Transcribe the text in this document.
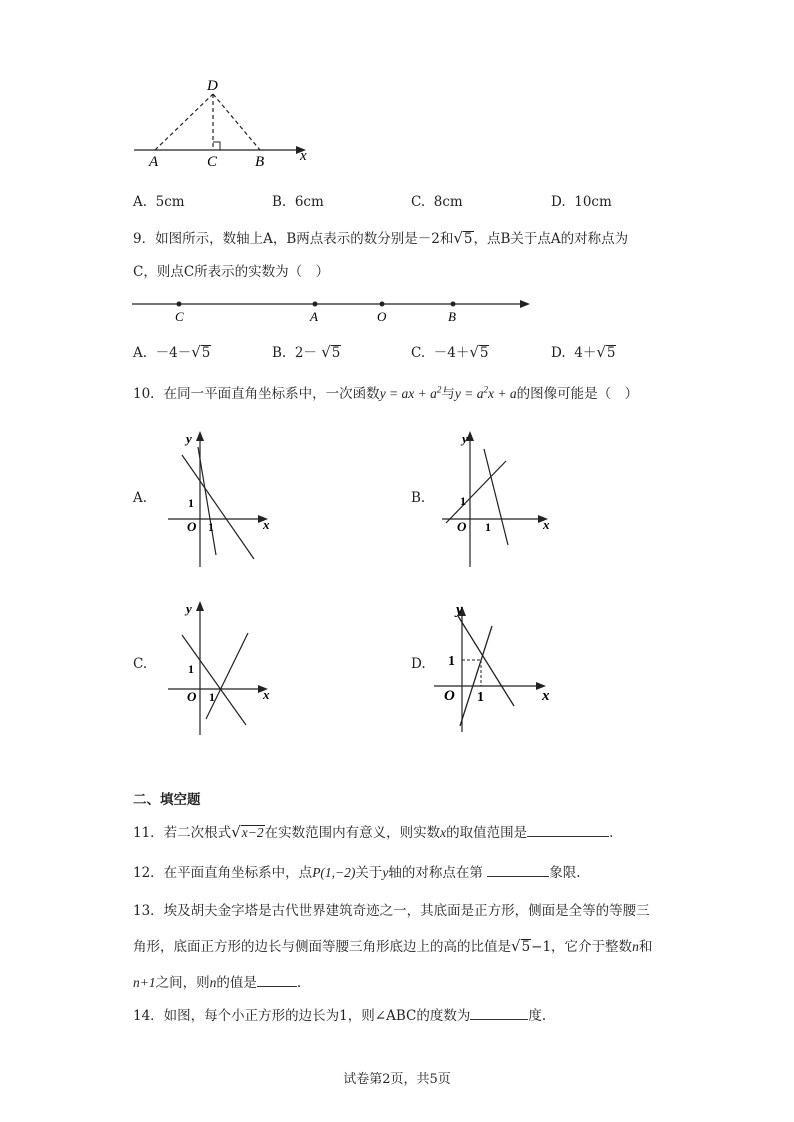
D
A	C	B x
A. 5cm	B. 6cm	C. 8cm	D. 10cm
9．如图所示，数轴上A，B两点表示的数分别是－2和√5，点B关于点A的对称点为
C，则点C所表示的实数为（　）
C	A	O	B
A. －4－√5	B. 2－ √5	C. －4＋√5	D. 4＋√5
10．在同一平面直角坐标系中，一次函数y = ax + $a^2$与$y = a^2x + a$的图像可能是（　）
A.
y
x
O
1
1
B.
y
x
O
1
1
C.
y
x
O
1
1
D.
y
x
O
1
1
二、填空题
11．若二次根式√x−2在实数范围内有意义，则实数x的取值范围是	.
12．在平面直角坐标系中，点P(1,−2)关于y轴的对称点在第	象限.
13．埃及胡夫金字塔是古代世界建筑奇迹之一，其底面是正方形，侧面是全等的等腰三
角形，底面正方形的边长与侧面等腰三角形底边上的高的比值是√5−1，它介于整数n和
n+1之间，则n的值是	.
14．如图，每个小正方形的边长为1，则∠ABC的度数为	度.
试卷第2页，共5页
